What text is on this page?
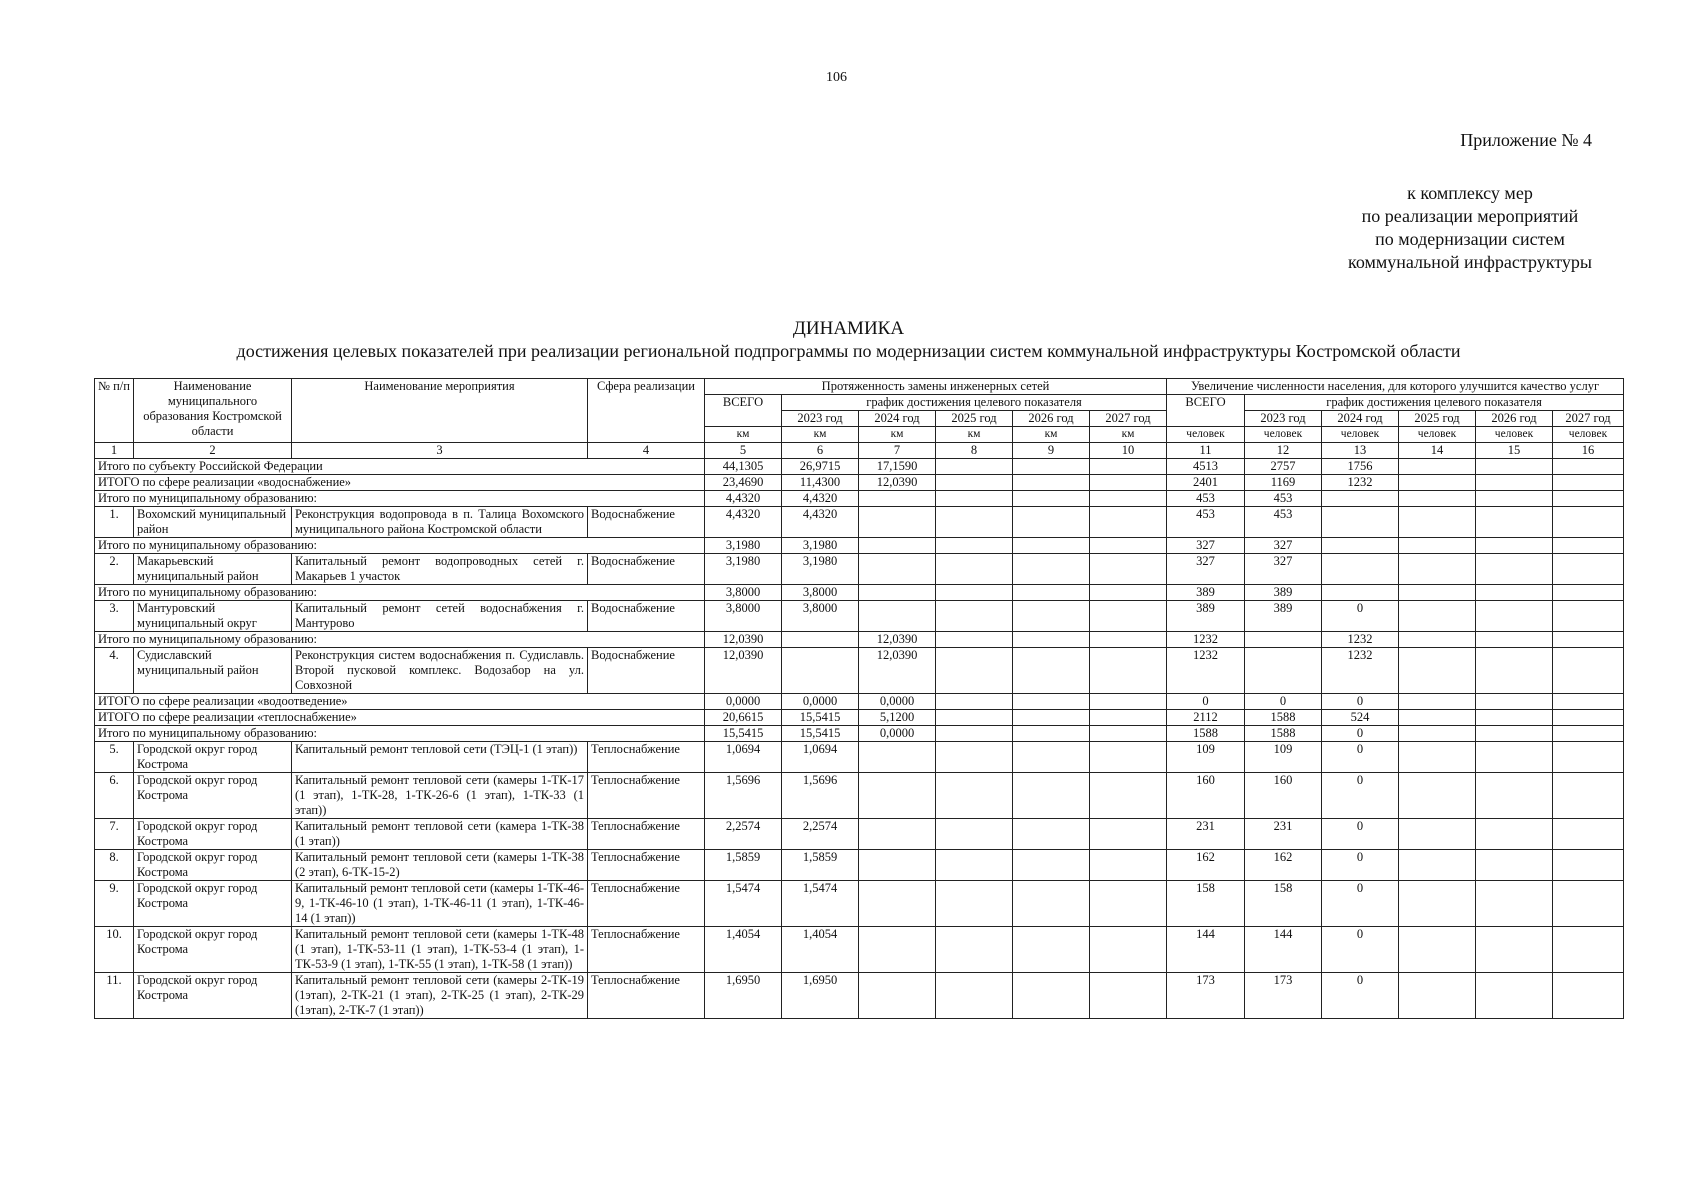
106
Приложение № 4
к комплексу мер
по реализации мероприятий
по модернизации систем
коммунальной инфраструктуры
ДИНАМИКА
достижения целевых показателей при реализации региональной подпрограммы по модернизации систем коммунальной инфраструктуры Костромской области
№ п/п	Наименование муниципального образования Костромской области	Наименование мероприятия	Сфера реализации	Протяженность замены инженерных сетей						Увеличение численности населения, для которого улучшится качество услуг					
				ВСЕГО	график достижения целевого показателя					ВСЕГО	график достижения целевого показателя				
					2023 год	2024 год	2025 год	2026 год	2027 год		2023 год	2024 год	2025 год	2026 год	2027 год
				км	км	км	км	км	км	человек	человек	человек	человек	человек	человек
1	2	3	4	5	6	7	8	9	10	11	12	13	14	15	16
Итого по субъекту Российской Федерации				44,1305	26,9715	17,1590				4513	2757	1756			
ИТОГО по сфере реализации «водоснабжение»				23,4690	11,4300	12,0390				2401	1169	1232			
Итого по муниципальному образованию:				4,4320	4,4320					453	453				
1.	Вохомский муниципальный район	Реконструкция водопровода в п. Талица Вохомского муниципального района Костромской области	Водоснабжение	4,4320	4,4320					453	453				
Итого по муниципальному образованию:				3,1980	3,1980					327	327				
2.	Макарьевский муниципальный район	Капитальный ремонт водопроводных сетей г. Макарьев 1 участок	Водоснабжение	3,1980	3,1980					327	327				
Итого по муниципальному образованию:				3,8000	3,8000					389	389				
3.	Мантуровский муниципальный округ	Капитальный ремонт сетей водоснабжения г. Мантурово	Водоснабжение	3,8000	3,8000					389	389	0			
Итого по муниципальному образованию:				12,0390		12,0390				1232		1232			
4.	Судиславский муниципальный район	Реконструкция систем водоснабжения п. Судиславль. Второй пусковой комплекс. Водозабор на ул. Совхозной	Водоснабжение	12,0390		12,0390				1232		1232			
ИТОГО по сфере реализации «водоотведение»				0,0000	0,0000	0,0000				0	0	0			
ИТОГО по сфере реализации «теплоснабжение»				20,6615	15,5415	5,1200				2112	1588	524			
Итого по муниципальному образованию:				15,5415	15,5415	0,0000				1588	1588	0			
5.	Городской округ город Кострома	Капитальный ремонт тепловой сети (ТЭЦ-1 (1 этап))	Теплоснабжение	1,0694	1,0694					109	109	0			
6.	Городской округ город Кострома	Капитальный ремонт тепловой сети (камеры 1-ТК-17 (1 этап), 1-ТК-28, 1-ТК-26-6 (1 этап), 1-ТК-33 (1 этап))	Теплоснабжение	1,5696	1,5696					160	160	0			
7.	Городской округ город Кострома	Капитальный ремонт тепловой сети (камера 1-ТК-38 (1 этап))	Теплоснабжение	2,2574	2,2574					231	231	0			
8.	Городской округ город Кострома	Капитальный ремонт тепловой сети (камеры 1-ТК-38 (2 этап), 6-ТК-15-2)	Теплоснабжение	1,5859	1,5859					162	162	0			
9.	Городской округ город Кострома	Капитальный ремонт тепловой сети (камеры 1-ТК-46-9, 1-ТК-46-10 (1 этап), 1-ТК-46-11 (1 этап), 1-ТК-46-14 (1 этап))	Теплоснабжение	1,5474	1,5474					158	158	0			
10.	Городской округ город Кострома	Капитальный ремонт тепловой сети (камеры 1-ТК-48 (1 этап), 1-ТК-53-11 (1 этап), 1-ТК-53-4 (1 этап), 1-ТК-53-9 (1 этап), 1-ТК-55 (1 этап), 1-ТК-58 (1 этап))	Теплоснабжение	1,4054	1,4054					144	144	0			
11.	Городской округ город Кострома	Капитальный ремонт тепловой сети (камеры 2-ТК-19 (1этап), 2-ТК-21 (1 этап), 2-ТК-25 (1 этап), 2-ТК-29 (1этап), 2-ТК-7 (1 этап))	Теплоснабжение	1,6950	1,6950					173	173	0			
